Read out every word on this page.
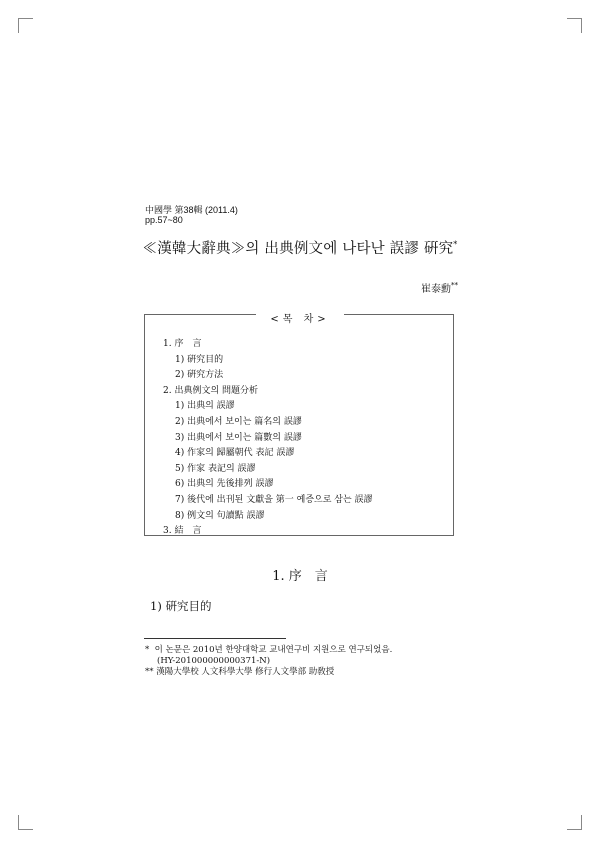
中國學 第38輯 (2011.4)
pp.57~80
≪漢韓大辭典≫의 出典例文에 나타난 誤謬 硏究*
崔泰勳**
<목 차>
1. 序　言
1) 硏究目的
2) 硏究方法
2. 出典例文의 問題分析
1) 出典의 誤謬
2) 出典에서 보이는 篇名의 誤謬
3) 出典에서 보이는 篇數의 誤謬
4) 作家의 歸屬朝代 表記 誤謬
5) 作家 表記의 誤謬
6) 出典의 先後排列 誤謬
7) 後代에 出刊된 文獻을 第一 예증으로 삼는 誤謬
8) 例文의 句讀點 誤謬
3. 結　言
1. 序　言
1) 硏究目的
* 이 논문은 2010년 한양대학교 교내연구비 지원으로 연구되었음.
(HY-201000000000371-N)
** 漢陽大學校 人文科學大學 修行人文學部 助敎授
